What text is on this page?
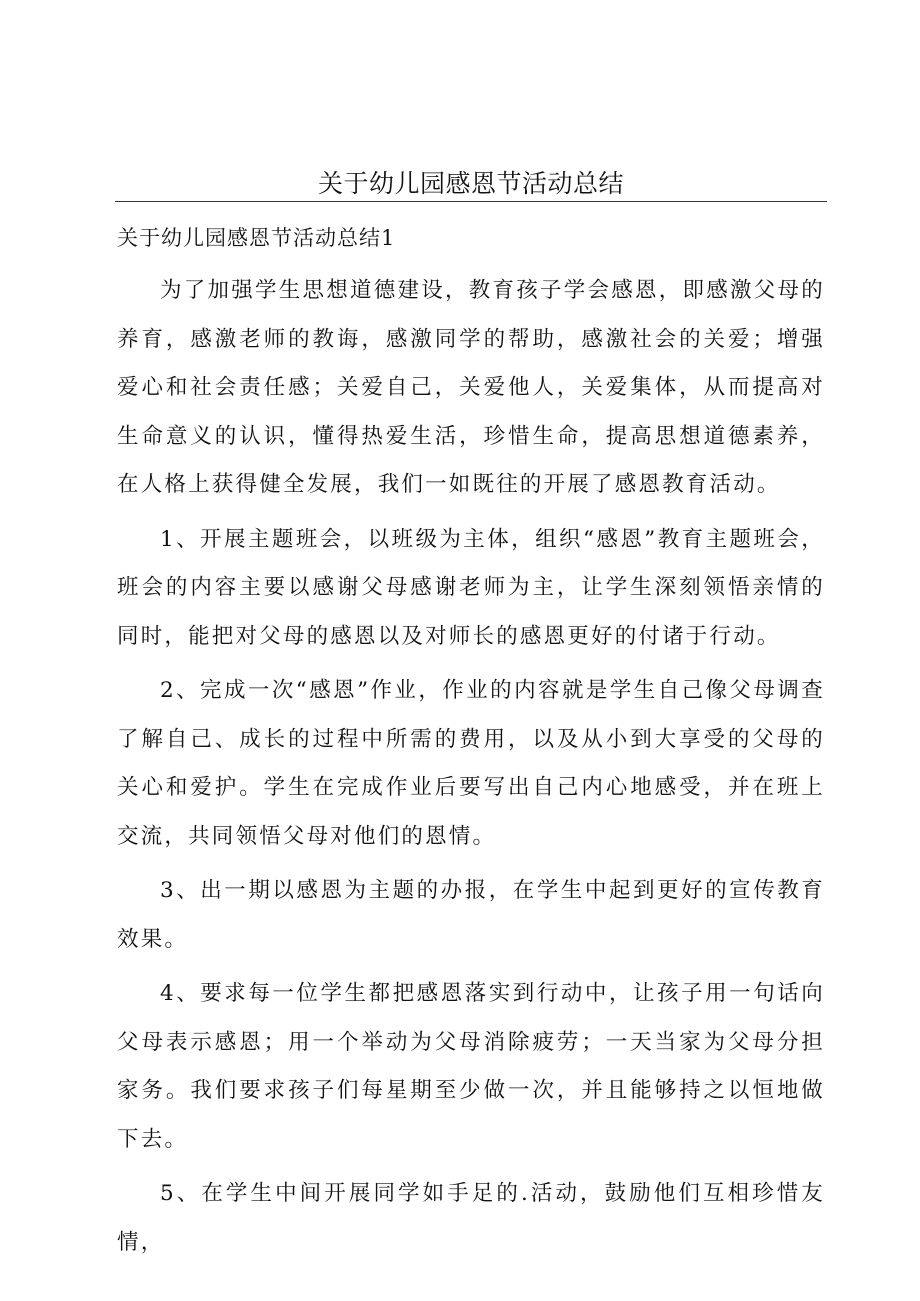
关于幼儿园感恩节活动总结
关于幼儿园感恩节活动总结1

为了加强学生思想道德建设，教育孩子学会感恩，即感激父母的养育，感激老师的教诲，感激同学的帮助，感激社会的关爱；增强爱心和社会责任感；关爱自己，关爱他人，关爱集体，从而提高对生命意义的认识，懂得热爱生活，珍惜生命，提高思想道德素养，在人格上获得健全发展，我们一如既往的开展了感恩教育活动。

1、开展主题班会，以班级为主体，组织“感恩”教育主题班会，班会的内容主要以感谢父母感谢老师为主，让学生深刻领悟亲情的同时，能把对父母的感恩以及对师长的感恩更好的付诸于行动。

2、完成一次“感恩”作业，作业的内容就是学生自己像父母调查了解自己、成长的过程中所需的费用，以及从小到大享受的父母的关心和爱护。学生在完成作业后要写出自己内心地感受，并在班上交流，共同领悟父母对他们的恩情。

3、出一期以感恩为主题的办报，在学生中起到更好的宣传教育效果。

4、要求每一位学生都把感恩落实到行动中，让孩子用一句话向父母表示感恩；用一个举动为父母消除疲劳；一天当家为父母分担家务。我们要求孩子们每星期至少做一次，并且能够持之以恒地做下去。

5、在学生中间开展同学如手足的.活动，鼓励他们互相珍惜友情，
